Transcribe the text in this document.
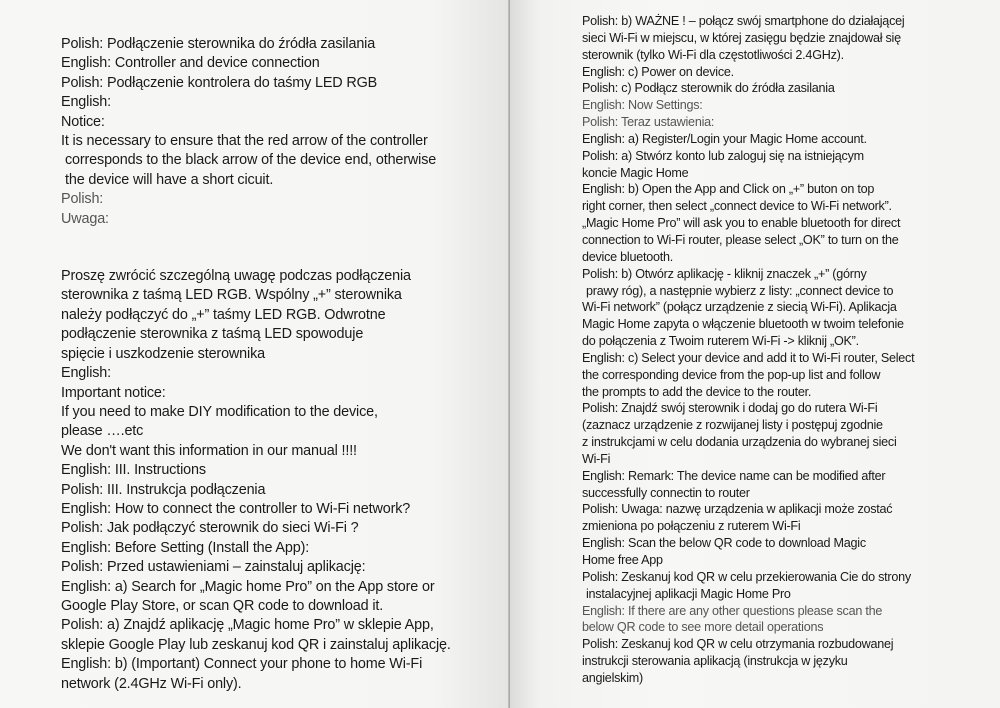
Polish: Podłączenie sterownika do źródła zasilania
English: Controller and device connection
Polish: Podłączenie kontrolera do taśmy LED RGB
English:
Notice:
It is necessary to ensure that the red arrow of the controller
corresponds to the black arrow of the device end, otherwise
the device will have a short cicuit.
Polish:
Uwaga:
Proszę zwrócić szczególną uwagę podczas podłączenia
sterownika z taśmą LED RGB. Wspólny „+” sterownika
należy podłączyć do „+” taśmy LED RGB. Odwrotne
podłączenie sterownika z taśmą LED spowoduje
spięcie i uszkodzenie sterownika
English:
Important notice:
If you need to make DIY modification to the device,
please ….etc
We don't want this information in our manual !!!!
English: III. Instructions
Polish: III. Instrukcja podłączenia
English: How to connect the controller to Wi-Fi network?
Polish: Jak podłączyć sterownik do sieci Wi-Fi ?
English: Before Setting (Install the App):
Polish: Przed ustawieniami – zainstaluj aplikację:
English: a) Search for „Magic home Pro” on the App store or
Google Play Store, or scan QR code to download it.
Polish: a) Znajdź aplikację „Magic home Pro” w sklepie App,
sklepie Google Play lub zeskanuj kod QR i zainstaluj aplikację.
English: b) (Important) Connect your phone to home Wi-Fi
network (2.4GHz Wi-Fi only).
Polish: b) WAŻNE ! – połącz swój smartphone do działającej
sieci Wi-Fi w miejscu, w której zasięgu będzie znajdował się
sterownik (tylko Wi-Fi dla częstotliwości 2.4GHz).
English: c) Power on device.
Polish: c) Podłącz sterownik do źródła zasilania
English: Now Settings:
Polish: Teraz ustawienia:
English: a) Register/Login your Magic Home account.
Polish: a) Stwórz konto lub zaloguj się na istniejącym
koncie Magic Home
English: b) Open the App and Click on „+” buton on top
right corner, then select „connect device to Wi-Fi network”.
„Magic Home Pro” will ask you to enable bluetooth for direct
connection to Wi-Fi router, please select „OK” to turn on the
device bluetooth.
Polish: b) Otwórz aplikację - kliknij znaczek „+” (górny
prawy róg), a następnie wybierz z listy: „connect device to
Wi-Fi network” (połącz urządzenie z siecią Wi-Fi). Aplikacja
Magic Home zapyta o włączenie bluetooth w twoim telefonie
do połączenia z Twoim ruterem Wi-Fi -> kliknij „OK”.
English: c) Select your device and add it to Wi-Fi router, Select
the corresponding device from the pop-up list and follow
the prompts to add the device to the router.
Polish: Znajdź swój sterownik i dodaj go do rutera Wi-Fi
(zaznacz urządzenie z rozwijanej listy i postępuj zgodnie
z instrukcjami w celu dodania urządzenia do wybranej sieci
Wi-Fi
English: Remark: The device name can be modified after
successfully connectin to router
Polish: Uwaga: nazwę urządzenia w aplikacji może zostać
zmieniona po połączeniu z ruterem Wi-Fi
English: Scan the below QR code to download Magic
Home free App
Polish: Zeskanuj kod QR w celu przekierowania Cie do strony
instalacyjnej aplikacji Magic Home Pro
English: If there are any other questions please scan the
below QR code to see more detail operations
Polish: Zeskanuj kod QR w celu otrzymania rozbudowanej
instrukcji sterowania aplikacją (instrukcja w języku
angielskim)
